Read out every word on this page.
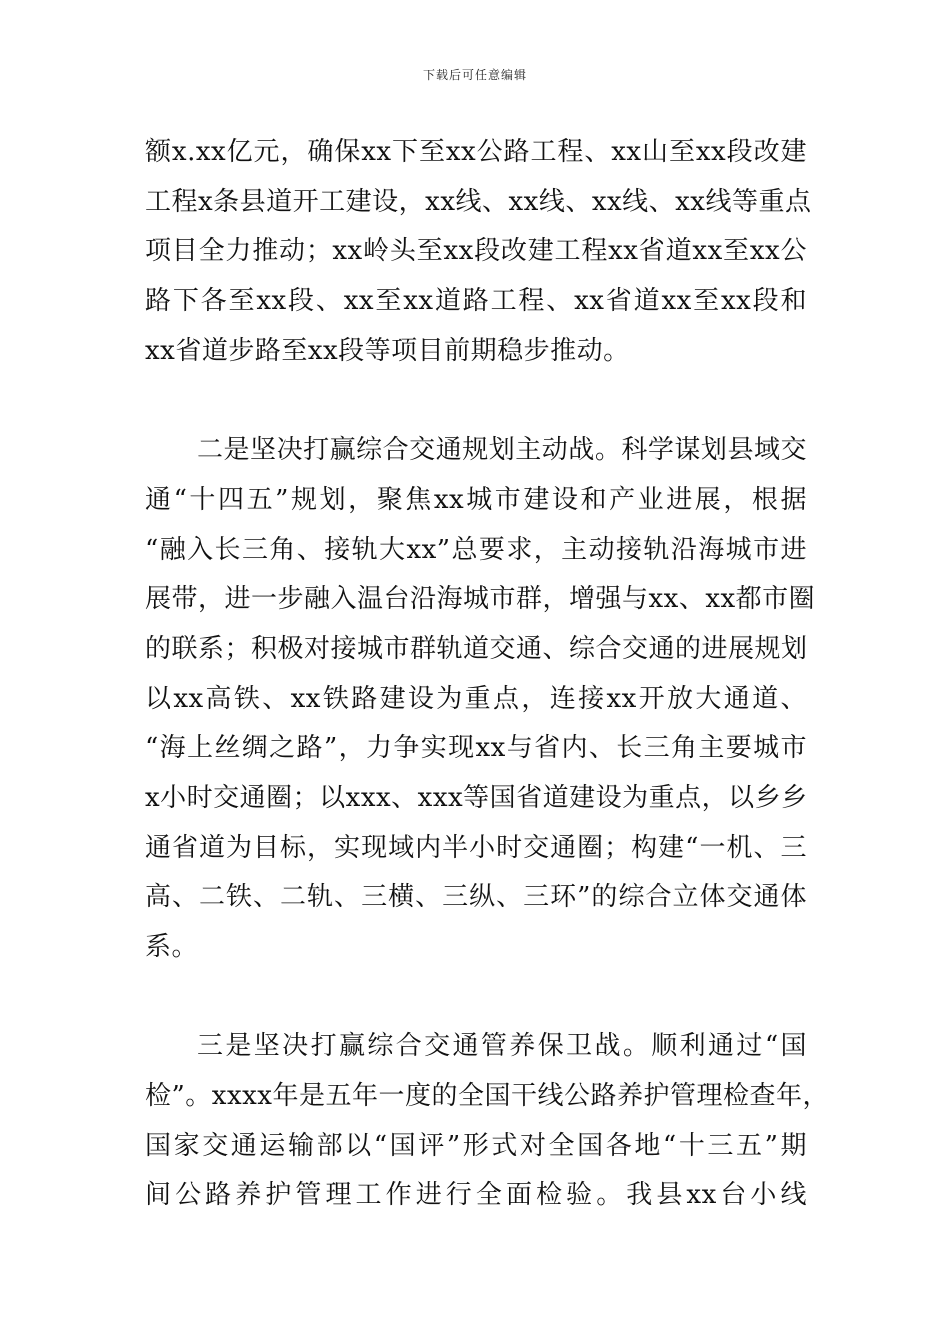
下载后可任意编辑
额x.xx亿元，确保xx下至xx公路工程、xx山至xx段改建
工程x条县道开工建设，xx线、xx线、xx线、xx线等重点
项目全力推动；xx岭头至xx段改建工程xx省道xx至xx公
路下各至xx段、xx至xx道路工程、xx省道xx至xx段和
xx省道步路至xx段等项目前期稳步推动。
二是坚决打赢综合交通规划主动战。科学谋划县域交
通“十四五”规划，聚焦xx城市建设和产业进展，根据
“融入长三角、接轨大xx”总要求，主动接轨沿海城市进
展带，进一步融入温台沿海城市群，增强与xx、xx都市圈
的联系；积极对接城市群轨道交通、综合交通的进展规划
以xx高铁、xx铁路建设为重点，连接xx开放大通道、
“海上丝绸之路”，力争实现xx与省内、长三角主要城市
x小时交通圈；以xxx、xxx等国省道建设为重点，以乡乡
通省道为目标，实现域内半小时交通圈；构建“一机、三
高、二铁、二轨、三横、三纵、三环”的综合立体交通体
系。
三是坚决打赢综合交通管养保卫战。顺利通过“国
检”。xxxx年是五年一度的全国干线公路养护管理检查年，
国家交通运输部以“国评”形式对全国各地“十三五”期
间公路养护管理工作进行全面检验。我县xx台小线
